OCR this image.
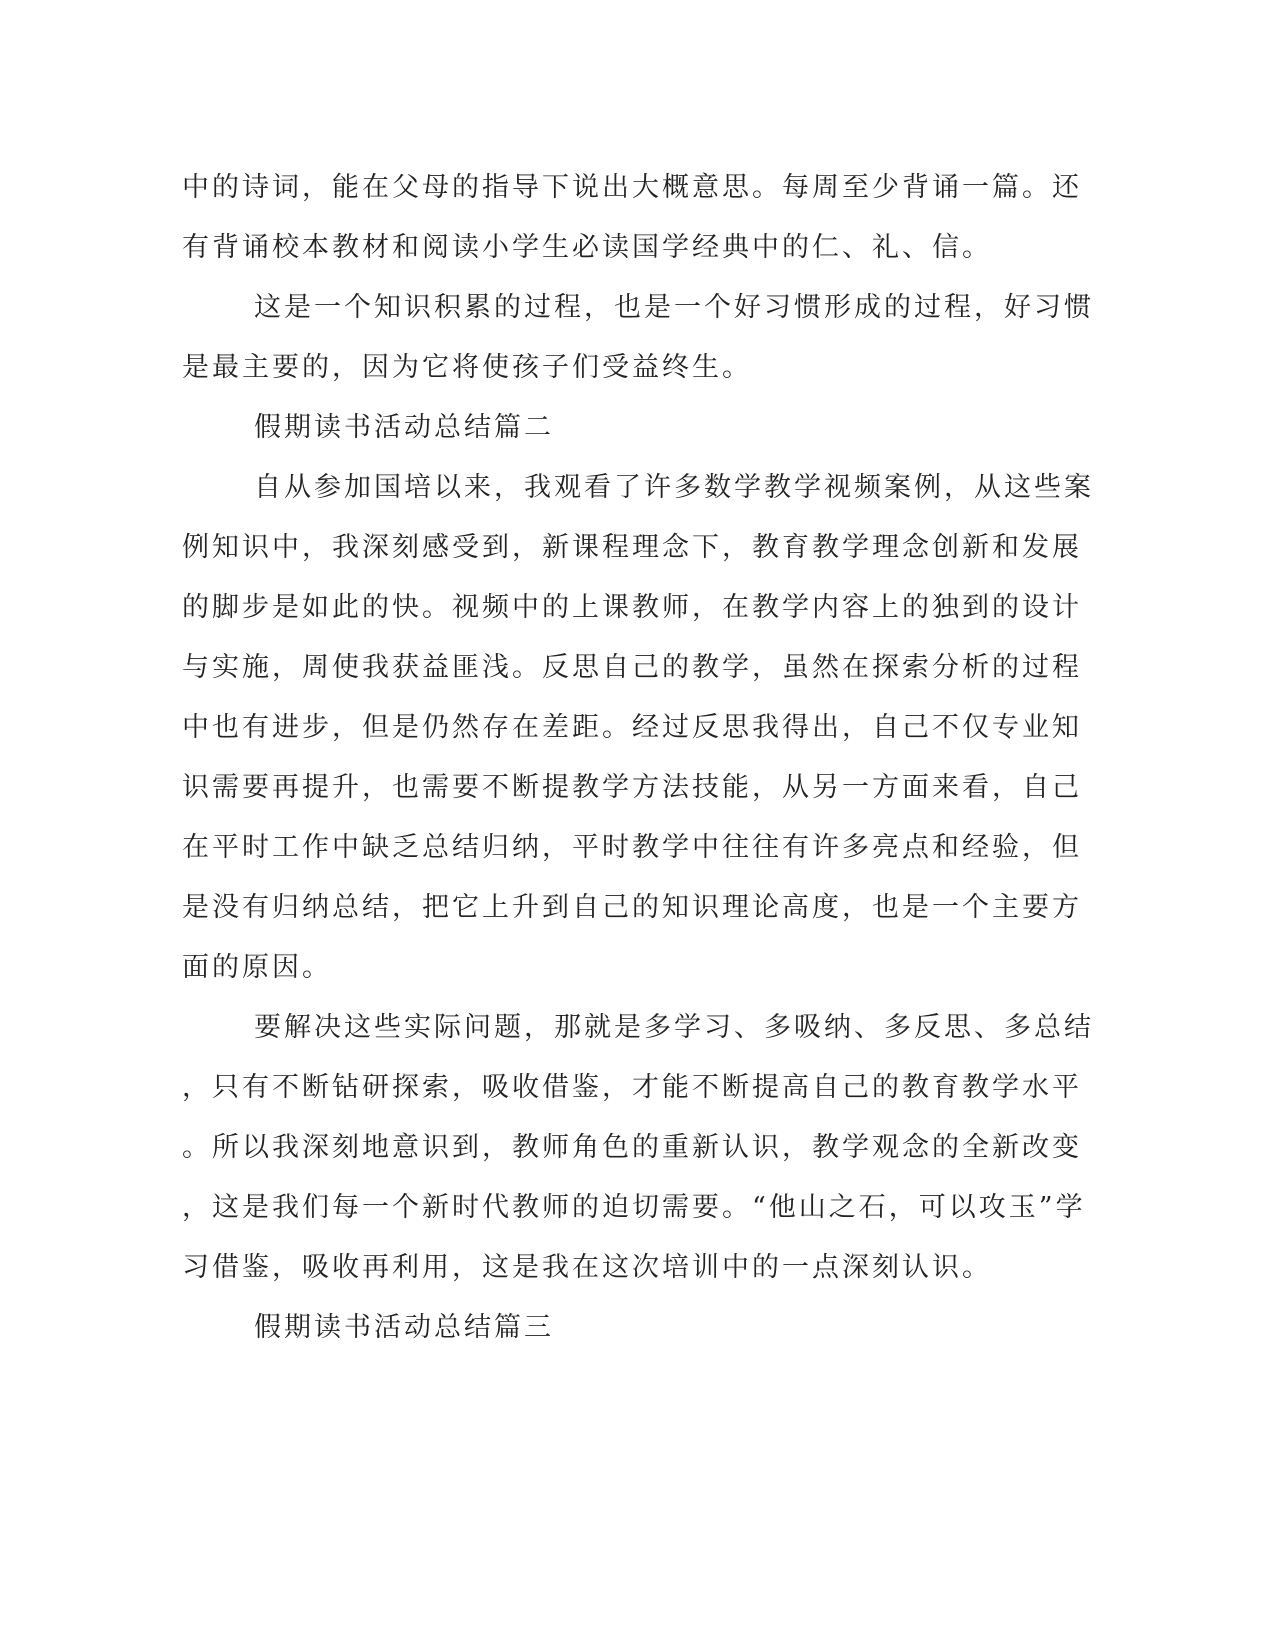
中的诗词，能在父母的指导下说出大概意思。每周至少背诵一篇。还
有背诵校本教材和阅读小学生必读国学经典中的仁、礼、信。
这是一个知识积累的过程，也是一个好习惯形成的过程，好习惯
是最主要的，因为它将使孩子们受益终生。
假期读书活动总结篇二
自从参加国培以来，我观看了许多数学教学视频案例，从这些案
例知识中，我深刻感受到，新课程理念下，教育教学理念创新和发展
的脚步是如此的快。视频中的上课教师，在教学内容上的独到的设计
与实施，周使我获益匪浅。反思自己的教学，虽然在探索分析的过程
中也有进步，但是仍然存在差距。经过反思我得出，自己不仅专业知
识需要再提升，也需要不断提教学方法技能，从另一方面来看，自己
在平时工作中缺乏总结归纳，平时教学中往往有许多亮点和经验，但
是没有归纳总结，把它上升到自己的知识理论高度，也是一个主要方
面的原因。
要解决这些实际问题，那就是多学习、多吸纳、多反思、多总结
，只有不断钻研探索，吸收借鉴，才能不断提高自己的教育教学水平
。所以我深刻地意识到，教师角色的重新认识，教学观念的全新改变
，这是我们每一个新时代教师的迫切需要。“他山之石，可以攻玉”学
习借鉴，吸收再利用，这是我在这次培训中的一点深刻认识。
假期读书活动总结篇三
